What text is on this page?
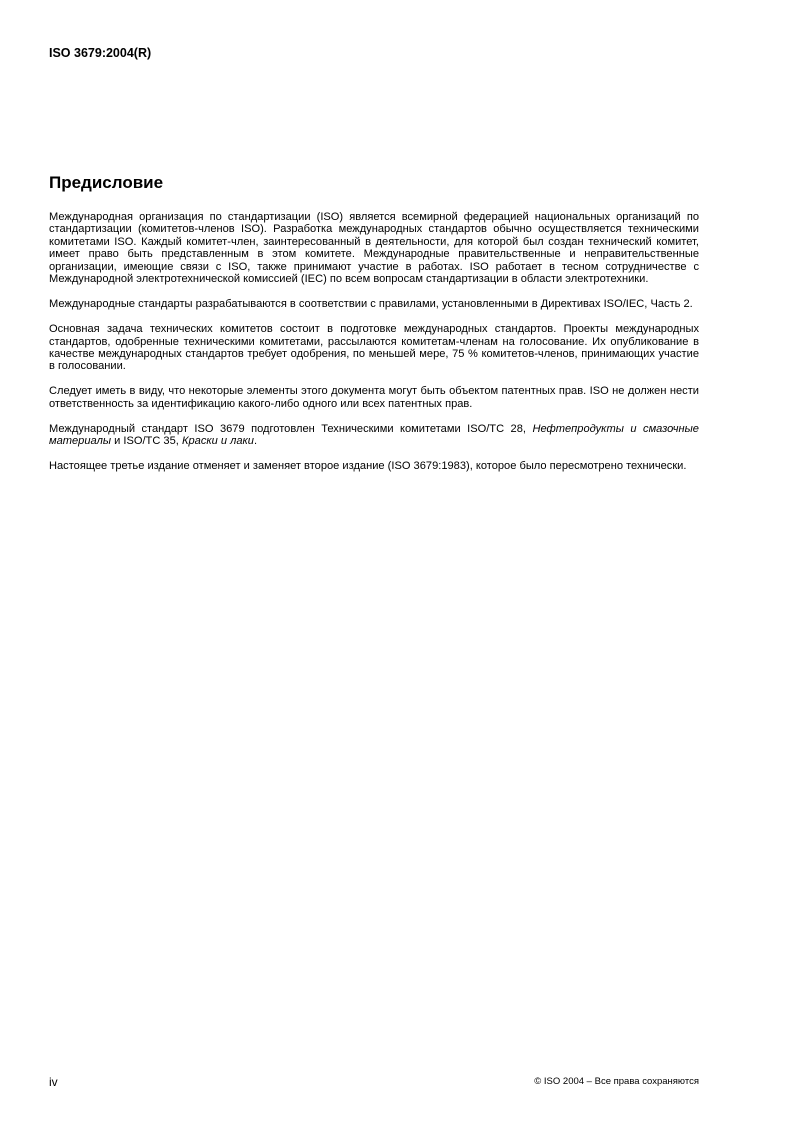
ISO 3679:2004(R)
Предисловие

Международная организация по стандартизации (ISO) является всемирной федерацией национальных организаций по стандартизации (комитетов-членов ISO). Разработка международных стандартов обычно осуществляется техническими комитетами ISO. Каждый комитет-член, заинтересованный в деятельности, для которой был создан технический комитет, имеет право быть представленным в этом комитете. Международные правительственные и неправительственные организации, имеющие связи с ISO, также принимают участие в работах. ISO работает в тесном сотрудничестве с Международной электротехнической комиссией (IEC) по всем вопросам стандартизации в области электротехники.

Международные стандарты разрабатываются в соответствии с правилами, установленными в Директивах ISO/IEC, Часть 2.

Основная задача технических комитетов состоит в подготовке международных стандартов. Проекты международных стандартов, одобренные техническими комитетами, рассылаются комитетам-членам на голосование. Их опубликование в качестве международных стандартов требует одобрения, по меньшей мере, 75 % комитетов-членов, принимающих участие в голосовании.

Следует иметь в виду, что некоторые элементы этого документа могут быть объектом патентных прав. ISO не должен нести ответственность за идентификацию какого-либо одного или всех патентных прав.

Международный стандарт ISO 3679 подготовлен Техническими комитетами ISO/TC 28, Нефтепродукты и смазочные материалы и ISO/TC 35, Краски и лаки.

Настоящее третье издание отменяет и заменяет второе издание (ISO 3679:1983), которое было пересмотрено технически.

iv	© ISO 2004 – Все права сохраняются
